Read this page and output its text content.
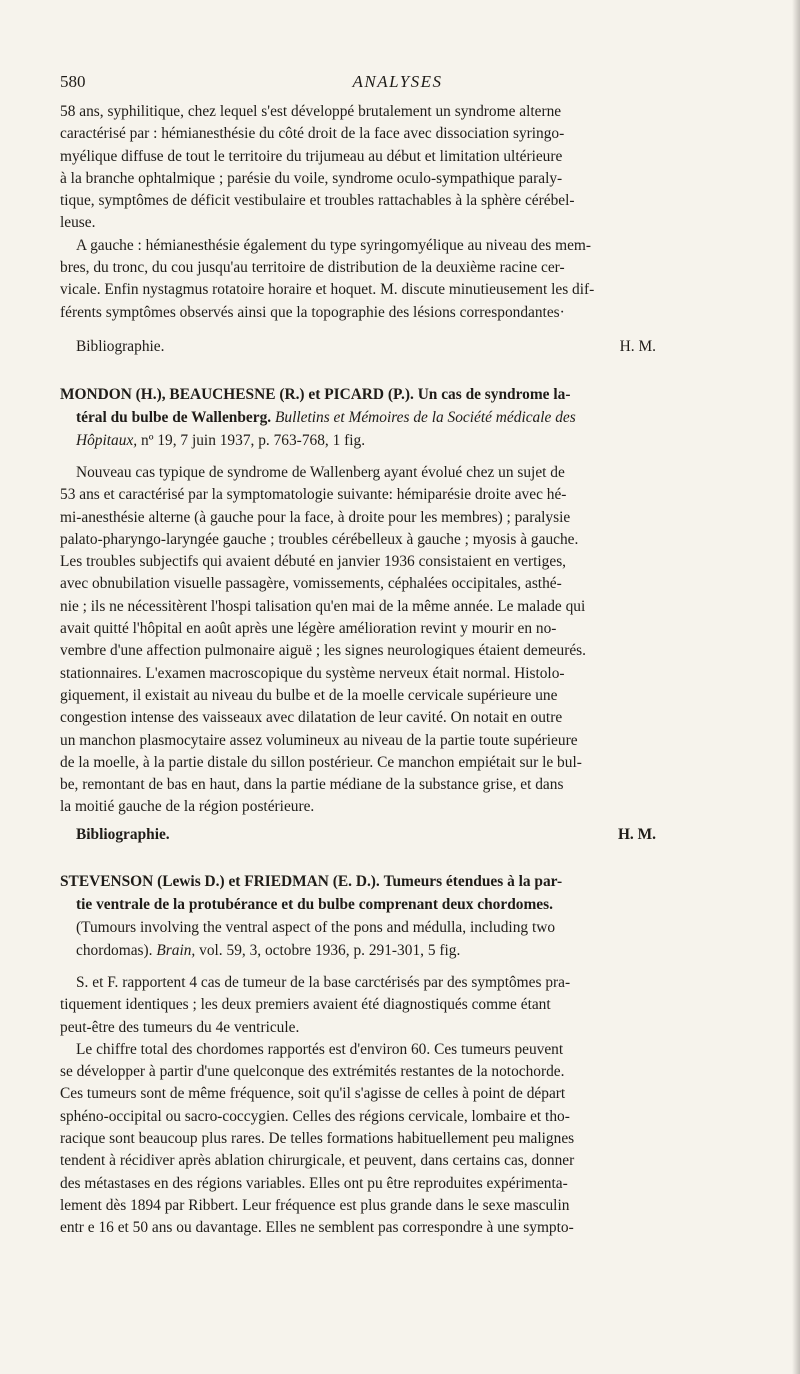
580	ANALYSES

58 ans, syphilitique, chez lequel s'est développé brutalement un syndrome alterne
caractérisé par : hémianesthésie du côté droit de la face avec dissociation syringo-
myélique diffuse de tout le territoire du trijumeau au début et limitation ultérieure
à la branche ophtalmique ; parésie du voile, syndrome oculo-sympathique paraly-
tique, symptômes de déficit vestibulaire et troubles rattachables à la sphère cérébel-
leuse.

A gauche : hémianesthésie également du type syringomyélique au niveau des mem-
bres, du tronc, du cou jusqu'au territoire de distribution de la deuxième racine cer-
vicale. Enfin nystagmus rotatoire horaire et hoquet. M. discute minutieusement les dif-
férents symptômes observés ainsi que la topographie des lésions correspondantes·

Bibliographie.	H. M.
MONDON (H.), BEAUCHESNE (R.) et PICARD (P.). Un cas de syndrome la-
téral du bulbe de Wallenberg. Bulletins et Mémoires de la Société médicale des
Hôpitaux, nº 19, 7 juin 1937, p. 763-768, 1 fig.

Nouveau cas typique de syndrome de Wallenberg ayant évolué chez un sujet de
53 ans et caractérisé par la symptomatologie suivante: hémiparésie droite avec hé-
mi-anesthésie alterne (à gauche pour la face, à droite pour les membres) ; paralysie
palato-pharyngo-laryngée gauche ; troubles cérébelleux à gauche ; myosis à gauche.
Les troubles subjectifs qui avaient débuté en janvier 1936 consistaient en vertiges,
avec obnubilation visuelle passagère, vomissements, céphalées occipitales, asthé-
nie ; ils ne nécessitèrent l'hospi talisation qu'en mai de la même année. Le malade qui
avait quitté l'hôpital en août après une légère amélioration revint y mourir en no-
vembre d'une affection pulmonaire aiguë ; les signes neurologiques étaient demeurés.
stationnaires. L'examen macroscopique du système nerveux était normal. Histolo-
giquement, il existait au niveau du bulbe et de la moelle cervicale supérieure une
congestion intense des vaisseaux avec dilatation de leur cavité. On notait en outre
un manchon plasmocytaire assez volumineux au niveau de la partie toute supérieure
de la moelle, à la partie distale du sillon postérieur. Ce manchon empiétait sur le bul-
be, remontant de bas en haut, dans la partie médiane de la substance grise, et dans
la moitié gauche de la région postérieure.

Bibliographie.	H. M.
STEVENSON (Lewis D.) et FRIEDMAN (E. D.). Tumeurs étendues à la par-
tie ventrale de la protubérance et du bulbe comprenant deux chordomes.
(Tumours involving the ventral aspect of the pons and médulla, including two
chordomas). Brain, vol. 59, 3, octobre 1936, p. 291-301, 5 fig.

S. et F. rapportent 4 cas de tumeur de la base carctérisés par des symptômes pra-
tiquement identiques ; les deux premiers avaient été diagnostiqués comme étant
peut-être des tumeurs du 4e ventricule.

Le chiffre total des chordomes rapportés est d'environ 60. Ces tumeurs peuvent
se développer à partir d'une quelconque des extrémités restantes de la notochorde.
Ces tumeurs sont de même fréquence, soit qu'il s'agisse de celles à point de départ
sphéno-occipital ou sacro-coccygien. Celles des régions cervicale, lombaire et tho-
racique sont beaucoup plus rares. De telles formations habituellement peu malignes
tendent à récidiver après ablation chirurgicale, et peuvent, dans certains cas, donner
des métastases en des régions variables. Elles ont pu être reproduites expérimenta-
lement dès 1894 par Ribbert. Leur fréquence est plus grande dans le sexe masculin
entr e 16 et 50 ans ou davantage. Elles ne semblent pas correspondre à une sympto-
